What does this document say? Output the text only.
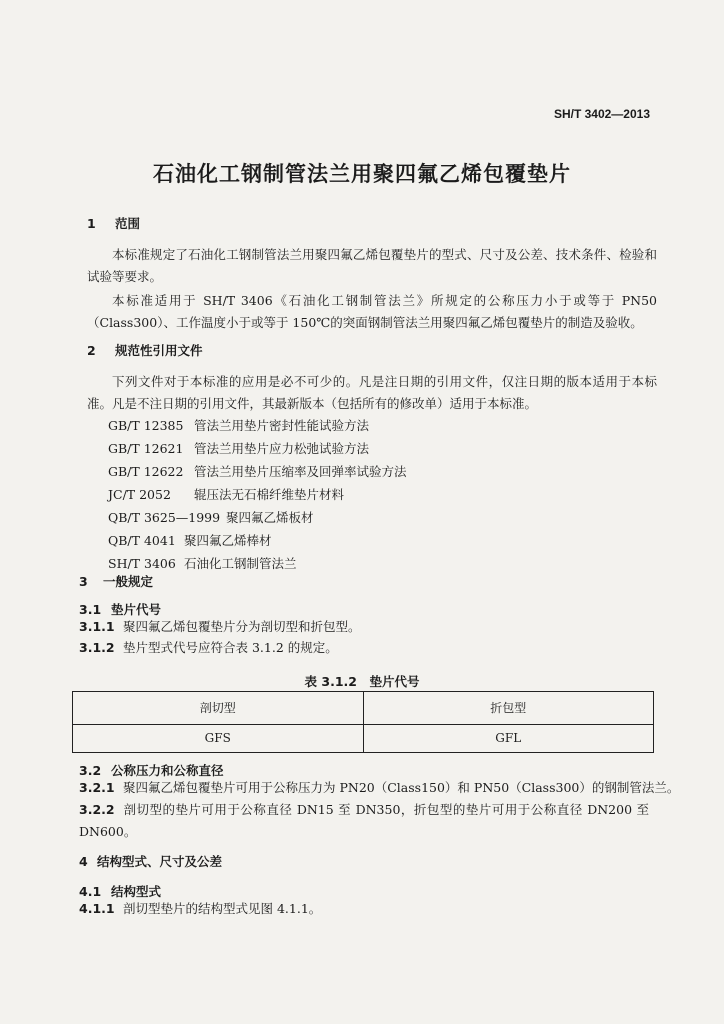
SH/T 3402—2013
石油化工钢制管法兰用聚四氟乙烯包覆垫片
1 范围
本标准规定了石油化工钢制管法兰用聚四氟乙烯包覆垫片的型式、尺寸及公差、技术条件、检验和试验等要求。
本标准适用于 SH/T 3406《石油化工钢制管法兰》所规定的公称压力小于或等于 PN50（Class300）、工作温度小于或等于 150℃的突面钢制管法兰用聚四氟乙烯包覆垫片的制造及验收。
2 规范性引用文件
下列文件对于本标准的应用是必不可少的。凡是注日期的引用文件，仅注日期的版本适用于本标准。凡是不注日期的引用文件，其最新版本（包括所有的修改单）适用于本标准。
GB/T 12385 管法兰用垫片密封性能试验方法
GB/T 12621 管法兰用垫片应力松弛试验方法
GB/T 12622 管法兰用垫片压缩率及回弹率试验方法
JC/T 2052 辊压法无石棉纤维垫片材料
QB/T 3625—1999 聚四氟乙烯板材
QB/T 4041 聚四氟乙烯棒材
SH/T 3406 石油化工钢制管法兰
3 一般规定
3.1 垫片代号
3.1.1 聚四氟乙烯包覆垫片分为剖切型和折包型。
3.1.2 垫片型式代号应符合表 3.1.2 的规定。
表 3.1.2　垫片代号
剖切型	折包型
GFS	GFL
3.2 公称压力和公称直径
3.2.1 聚四氟乙烯包覆垫片可用于公称压力为 PN20（Class150）和 PN50（Class300）的钢制管法兰。
3.2.2 剖切型的垫片可用于公称直径 DN15 至 DN350，折包型的垫片可用于公称直径 DN200 至 DN600。
4 结构型式、尺寸及公差
4.1 结构型式
4.1.1 剖切型垫片的结构型式见图 4.1.1。
